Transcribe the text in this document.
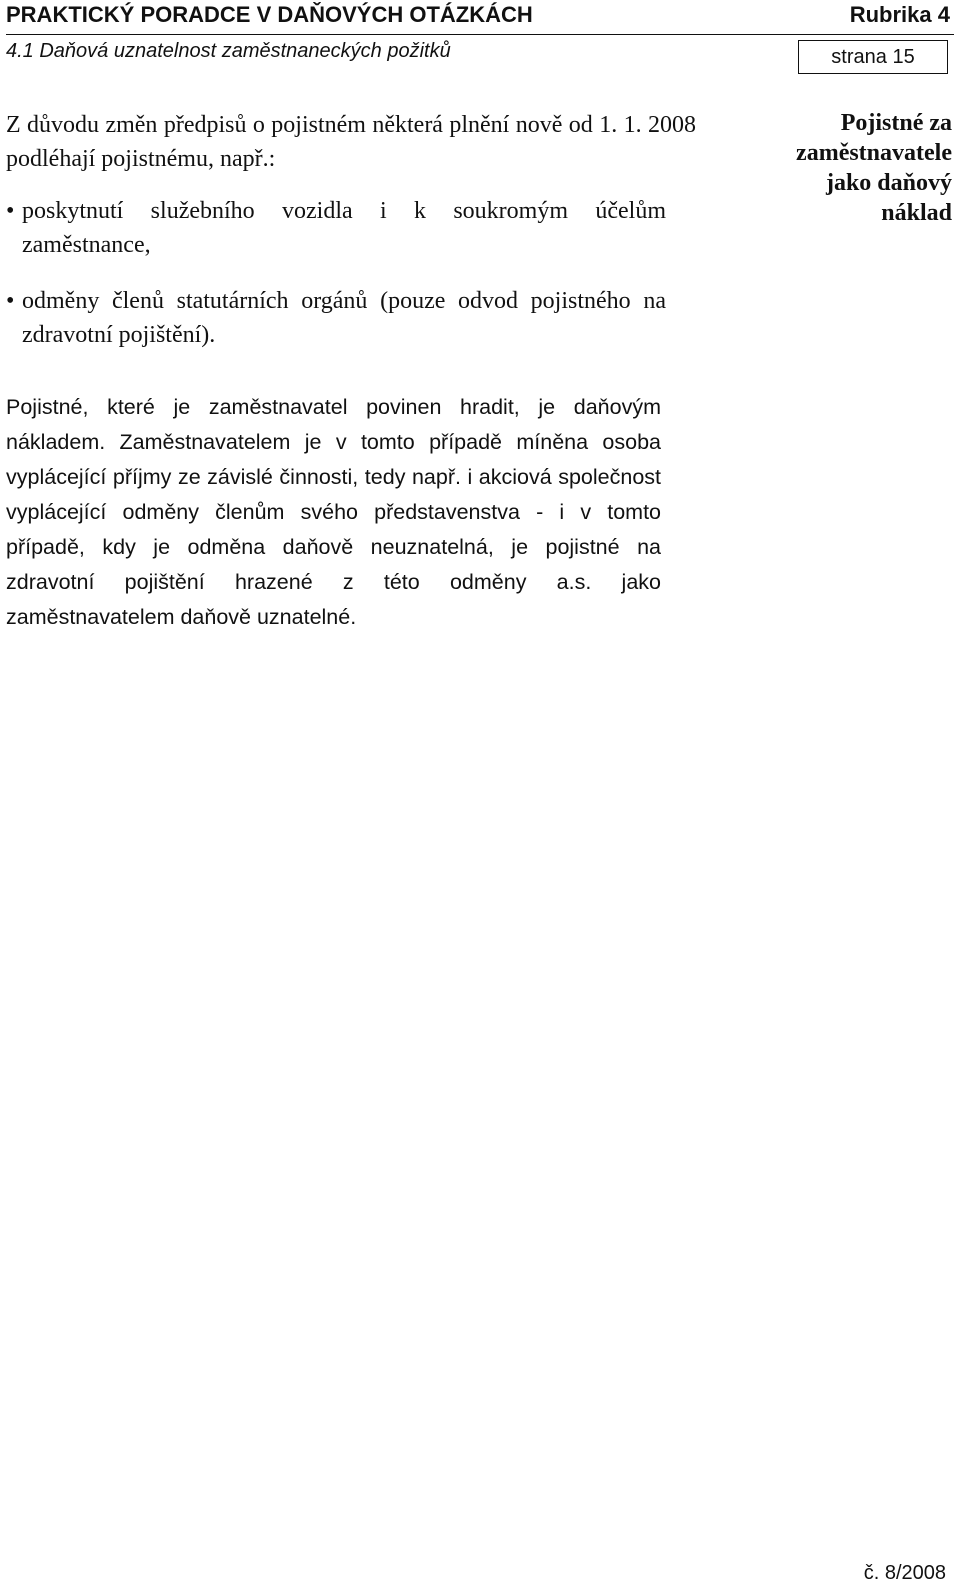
PRAKTICKÝ PORADCE V DAŇOVÝCH OTÁZKÁCH	Rubrika 4
4.1 Daňová uznatelnost zaměstnaneckých požitků	strana 15
Z důvodu změn předpisů o pojistném některá plnění nově od 1. 1. 2008 podléhají pojistnému, např.:
• poskytnutí služebního vozidla i k soukromým účelům zaměstnance,
• odměny členů statutárních orgánů (pouze odvod pojistného na zdravotní pojištění).
Pojistné za zaměstnavatele jako daňový náklad
Pojistné, které je zaměstnavatel povinen hradit, je daňovým nákladem. Zaměstnavatelem je v tomto případě míněna osoba vyplácející příjmy ze závislé činnosti, tedy např. i akciová společnost vyplácející odměny členům svého představenstva - i v tomto případě, kdy je odměna daňově neuznatelná, je pojistné na zdravotní pojištění hrazené z této odměny a.s. jako zaměstnavatelem daňově uznatelné.
č. 8/2008
